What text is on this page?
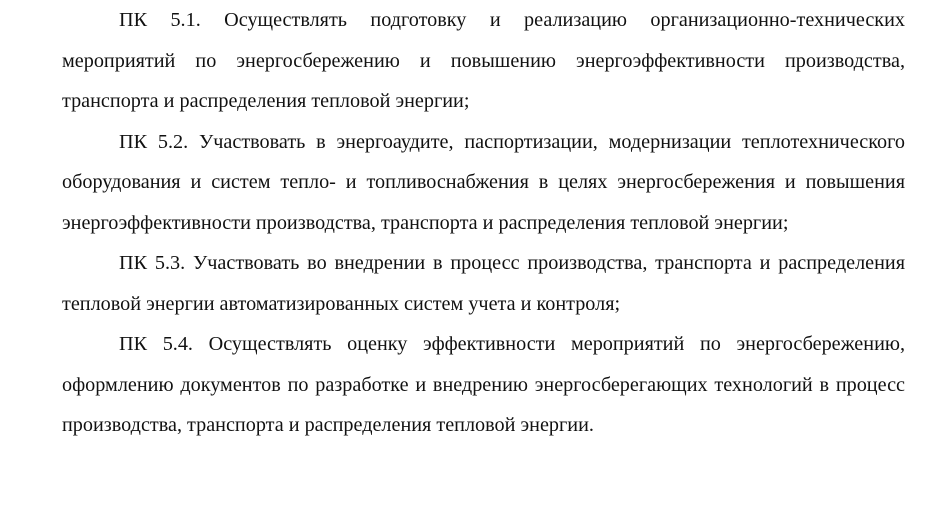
ПК 5.1. Осуществлять подготовку и реализацию организационно-технических мероприятий по энергосбережению и повышению энергоэффективности производства, транспорта и распределения тепловой энергии;

ПК 5.2. Участвовать в энергоаудите, паспортизации, модернизации теплотехнического оборудования и систем тепло- и топливоснабжения в целях энергосбережения и повышения энергоэффективности производства, транспорта и распределения тепловой энергии;

ПК 5.3. Участвовать во внедрении в процесс производства, транспорта и распределения тепловой энергии автоматизированных систем учета и контроля;

ПК 5.4. Осуществлять оценку эффективности мероприятий по энергосбережению, оформлению документов по разработке и внедрению энергосберегающих технологий в процесс производства, транспорта и распределения тепловой энергии.
